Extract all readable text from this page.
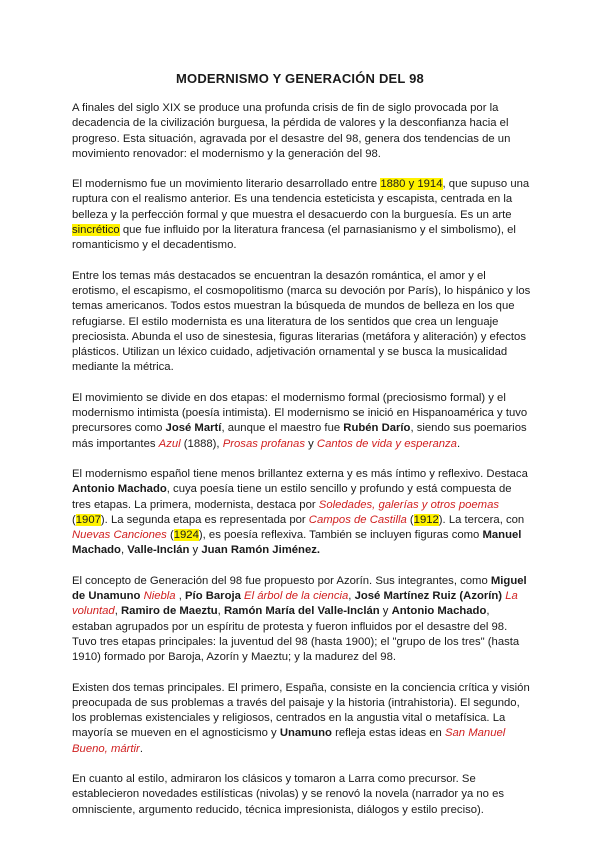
MODERNISMO Y GENERACIÓN DEL 98

A finales del siglo XIX se produce una profunda crisis de fin de siglo provocada por la decadencia de la civilización burguesa, la pérdida de valores y la desconfianza hacia el progreso. Esta situación, agravada por el desastre del 98, genera dos tendencias de un movimiento renovador: el modernismo y la generación del 98.

El modernismo fue un movimiento literario desarrollado entre 1880 y 1914, que supuso una ruptura con el realismo anterior. Es una tendencia esteticista y escapista, centrada en la belleza y la perfección formal y que muestra el desacuerdo con la burguesía. Es un arte sincrético que fue influido por la literatura francesa (el parnasianismo y el simbolismo), el romanticismo y el decadentismo.

Entre los temas más destacados se encuentran la desazón romántica, el amor y el erotismo, el escapismo, el cosmopolitismo (marca su devoción por París), lo hispánico y los temas americanos. Todos estos muestran la búsqueda de mundos de belleza en los que refugiarse. El estilo modernista es una literatura de los sentidos que crea un lenguaje preciosista. Abunda el uso de sinestesia, figuras literarias (metáfora y aliteración) y efectos plásticos. Utilizan un léxico cuidado, adjetivación ornamental y se busca la musicalidad mediante la métrica.

El movimiento se divide en dos etapas: el modernismo formal (preciosismo formal) y el modernismo intimista (poesía intimista). El modernismo se inició en Hispanoamérica y tuvo precursores como José Martí, aunque el maestro fue Rubén Darío, siendo sus poemarios más importantes Azul (1888), Prosas profanas y Cantos de vida y esperanza.

El modernismo español tiene menos brillantez externa y es más íntimo y reflexivo. Destaca Antonio Machado, cuya poesía tiene un estilo sencillo y profundo y está compuesta de tres etapas. La primera, modernista, destaca por Soledades, galerías y otros poemas (1907). La segunda etapa es representada por Campos de Castilla (1912). La tercera, con Nuevas Canciones (1924), es poesía reflexiva. También se incluyen figuras como Manuel Machado, Valle-Inclán y Juan Ramón Jiménez.

El concepto de Generación del 98 fue propuesto por Azorín. Sus integrantes, como Miguel de Unamuno Niebla , Pío Baroja El árbol de la ciencia, José Martínez Ruiz (Azorín) La voluntad, Ramiro de Maeztu, Ramón María del Valle-Inclán y Antonio Machado, estaban agrupados por un espíritu de protesta y fueron influidos por el desastre del 98. Tuvo tres etapas principales: la juventud del 98 (hasta 1900); el "grupo de los tres" (hasta 1910) formado por Baroja, Azorín y Maeztu; y la madurez del 98.

Existen dos temas principales. El primero, España, consiste en la conciencia crítica y visión preocupada de sus problemas a través del paisaje y la historia (intrahistoria). El segundo, los problemas existenciales y religiosos, centrados en la angustia vital o metafísica. La mayoría se mueven en el agnosticismo y Unamuno refleja estas ideas en San Manuel Bueno, mártir.

En cuanto al estilo, admiraron los clásicos y tomaron a Larra como precursor. Se establecieron novedades estilísticas (nivolas) y se renovó la novela (narrador ya no es omnisciente, argumento reducido, técnica impresionista, diálogos y estilo preciso).
